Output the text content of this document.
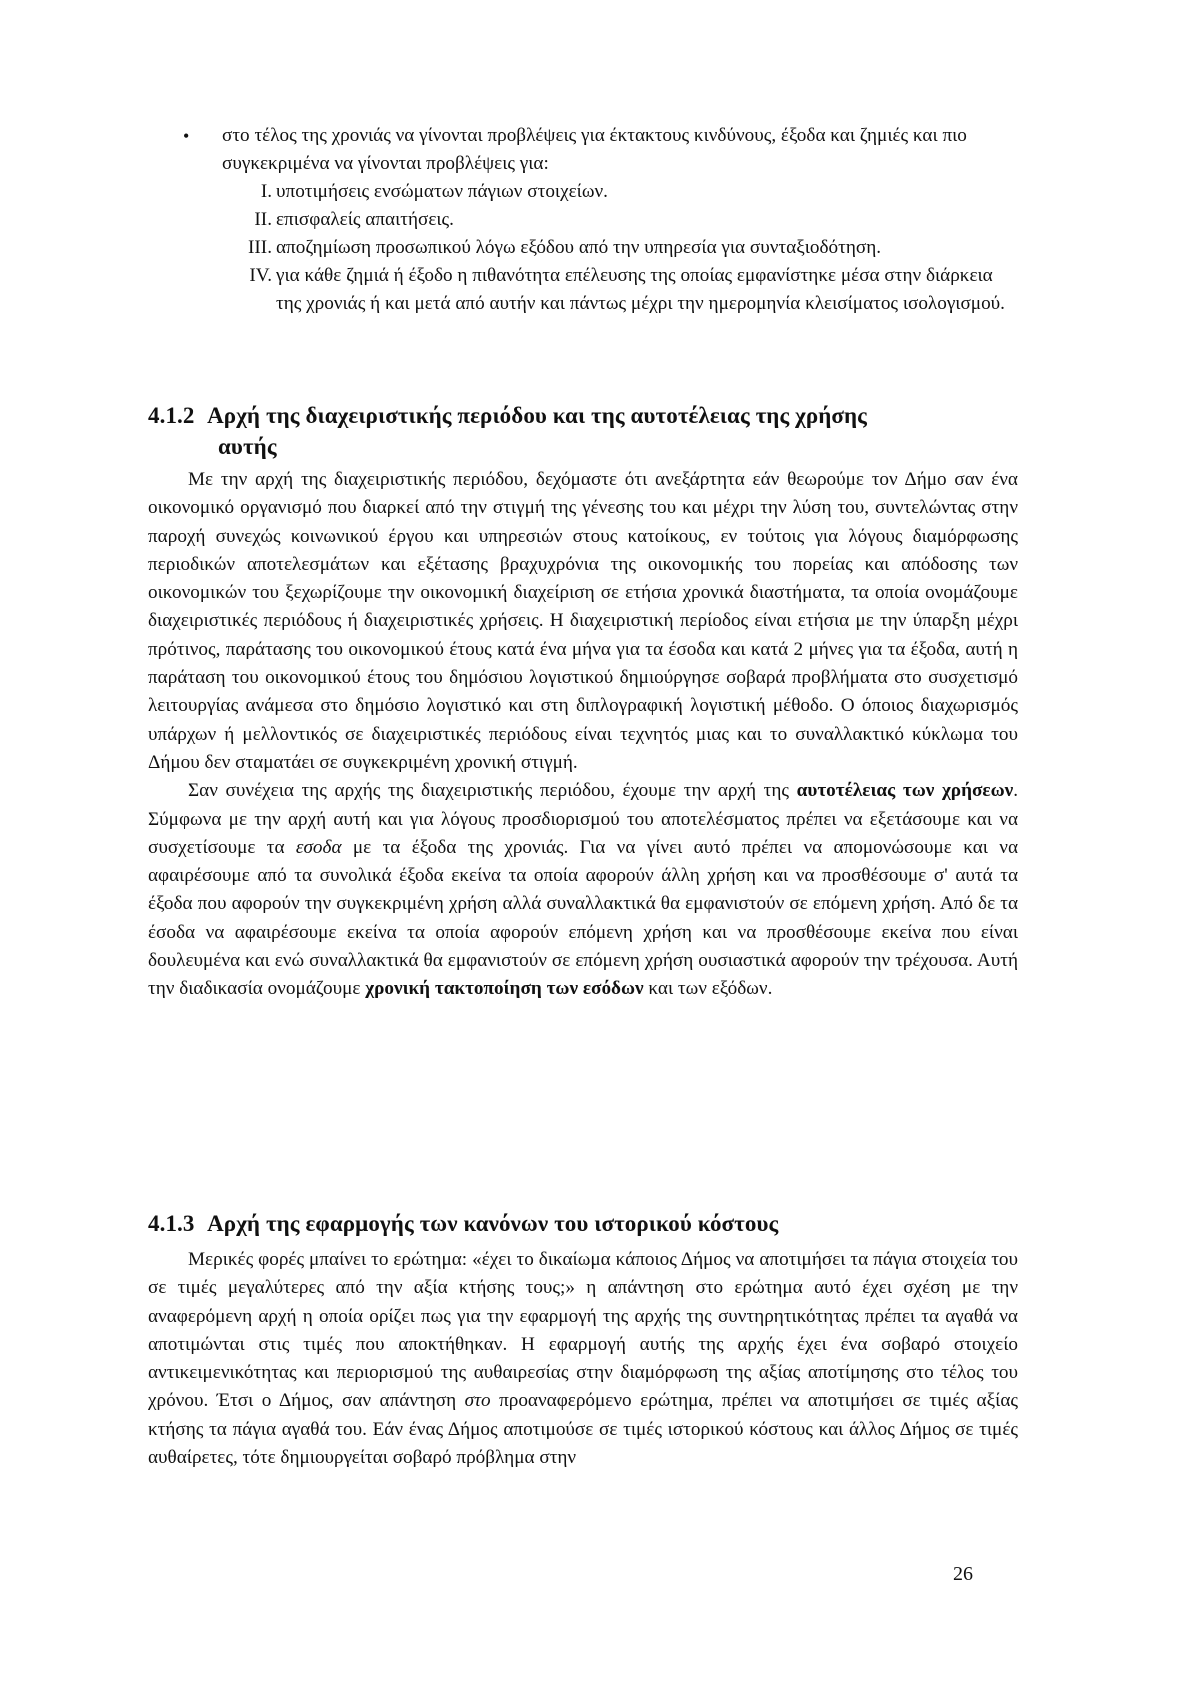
• στο τέλος της χρονιάς να γίνονται προβλέψεις για έκτακτους κινδύνους, έξοδα και ζημιές και πιο συγκεκριμένα να γίνονται προβλέψεις για:
I. υποτιμήσεις ενσώματων πάγιων στοιχείων.
II. επισφαλείς απαιτήσεις.
III. αποζημίωση προσωπικού λόγω εξόδου από την υπηρεσία για συνταξιοδότηση.
IV. για κάθε ζημιά ή έξοδο η πιθανότητα επέλευσης της οποίας εμφανίστηκε μέσα στην διάρκεια της χρονιάς ή και μετά από αυτήν και πάντως μέχρι την ημερομηνία κλεισίματος ισολογισμού.
4.1.2 Αρχή της διαχειριστικής περιόδου και της αυτοτέλειας της χρήσης
αυτής

Με την αρχή της διαχειριστικής περιόδου, δεχόμαστε ότι ανεξάρτητα εάν θεωρούμε τον Δήμο σαν ένα οικονομικό οργανισμό που διαρκεί από την στιγμή της γένεσης του και μέχρι την λύση του, συντελώντας στην παροχή συνεχώς κοινωνικού έργου και υπηρεσιών στους κατοίκους, εν τούτοις για λόγους διαμόρφωσης περιοδικών αποτελεσμάτων και εξέτασης βραχυχρόνια της οικονομικής του πορείας και απόδοσης των οικονομικών του ξεχωρίζουμε την οικονομική διαχείριση σε ετήσια χρονικά διαστήματα, τα οποία ονομάζουμε διαχειριστικές περιόδους ή διαχειριστικές χρήσεις. Η διαχειριστική περίοδος είναι ετήσια με την ύπαρξη μέχρι πρότινος, παράτασης του οικονομικού έτους κατά ένα μήνα για τα έσοδα και κατά 2 μήνες για τα έξοδα, αυτή η παράταση του οικονομικού έτους του δημόσιου λογιστικού δημιούργησε σοβαρά προβλήματα στο συσχετισμό λειτουργίας ανάμεσα στο δημόσιο λογιστικό και στη διπλογραφική λογιστική μέθοδο. Ο όποιος διαχωρισμός υπάρχων ή μελλοντικός σε διαχειριστικές περιόδους είναι τεχνητός μιας και το συναλλακτικό κύκλωμα του Δήμου δεν σταματάει σε συγκεκριμένη χρονική στιγμή.

Σαν συνέχεια της αρχής της διαχειριστικής περιόδου, έχουμε την αρχή της αυτοτέλειας των χρήσεων. Σύμφωνα με την αρχή αυτή και για λόγους προσδιορισμού του αποτελέσματος πρέπει να εξετάσουμε και να συσχετίσουμε τα εσοδα με τα έξοδα της χρονιάς. Για να γίνει αυτό πρέπει να απομονώσουμε και να αφαιρέσουμε από τα συνολικά έξοδα εκείνα τα οποία αφορούν άλλη χρήση και να προσθέσουμε σ' αυτά τα έξοδα που αφορούν την συγκεκριμένη χρήση αλλά συναλλακτικά θα εμφανιστούν σε επόμενη χρήση. Από δε τα έσοδα να αφαιρέσουμε εκείνα τα οποία αφορούν επόμενη χρήση και να προσθέσουμε εκείνα που είναι δουλευμένα και ενώ συναλλακτικά θα εμφανιστούν σε επόμενη χρήση ουσιαστικά αφορούν την τρέχουσα. Αυτή την διαδικασία ονομάζουμε χρονική τακτοποίηση των εσόδων και των εξόδων.

4.1.3 Αρχή της εφαρμογής των κανόνων του ιστορικού κόστους

Μερικές φορές μπαίνει το ερώτημα: «έχει το δικαίωμα κάποιος Δήμος να αποτιμήσει τα πάγια στοιχεία του σε τιμές μεγαλύτερες από την αξία κτήσης τους;» η απάντηση στο ερώτημα αυτό έχει σχέση με την αναφερόμενη αρχή η οποία ορίζει πως για την εφαρμογή της αρχής της συντηρητικότητας πρέπει τα αγαθά να αποτιμώνται στις τιμές που αποκτήθηκαν. Η εφαρμογή αυτής της αρχής έχει ένα σοβαρό στοιχείο αντικειμενικότητας και περιορισμού της αυθαιρεσίας στην διαμόρφωση της αξίας αποτίμησης στο τέλος του χρόνου. Έτσι ο Δήμος, σαν απάντηση στο προαναφερόμενο ερώτημα, πρέπει να αποτιμήσει σε τιμές αξίας κτήσης τα πάγια αγαθά του. Εάν ένας Δήμος αποτιμούσε σε τιμές ιστορικού κόστους και άλλος Δήμος σε τιμές αυθαίρετες, τότε δημιουργείται σοβαρό πρόβλημα στην

26
